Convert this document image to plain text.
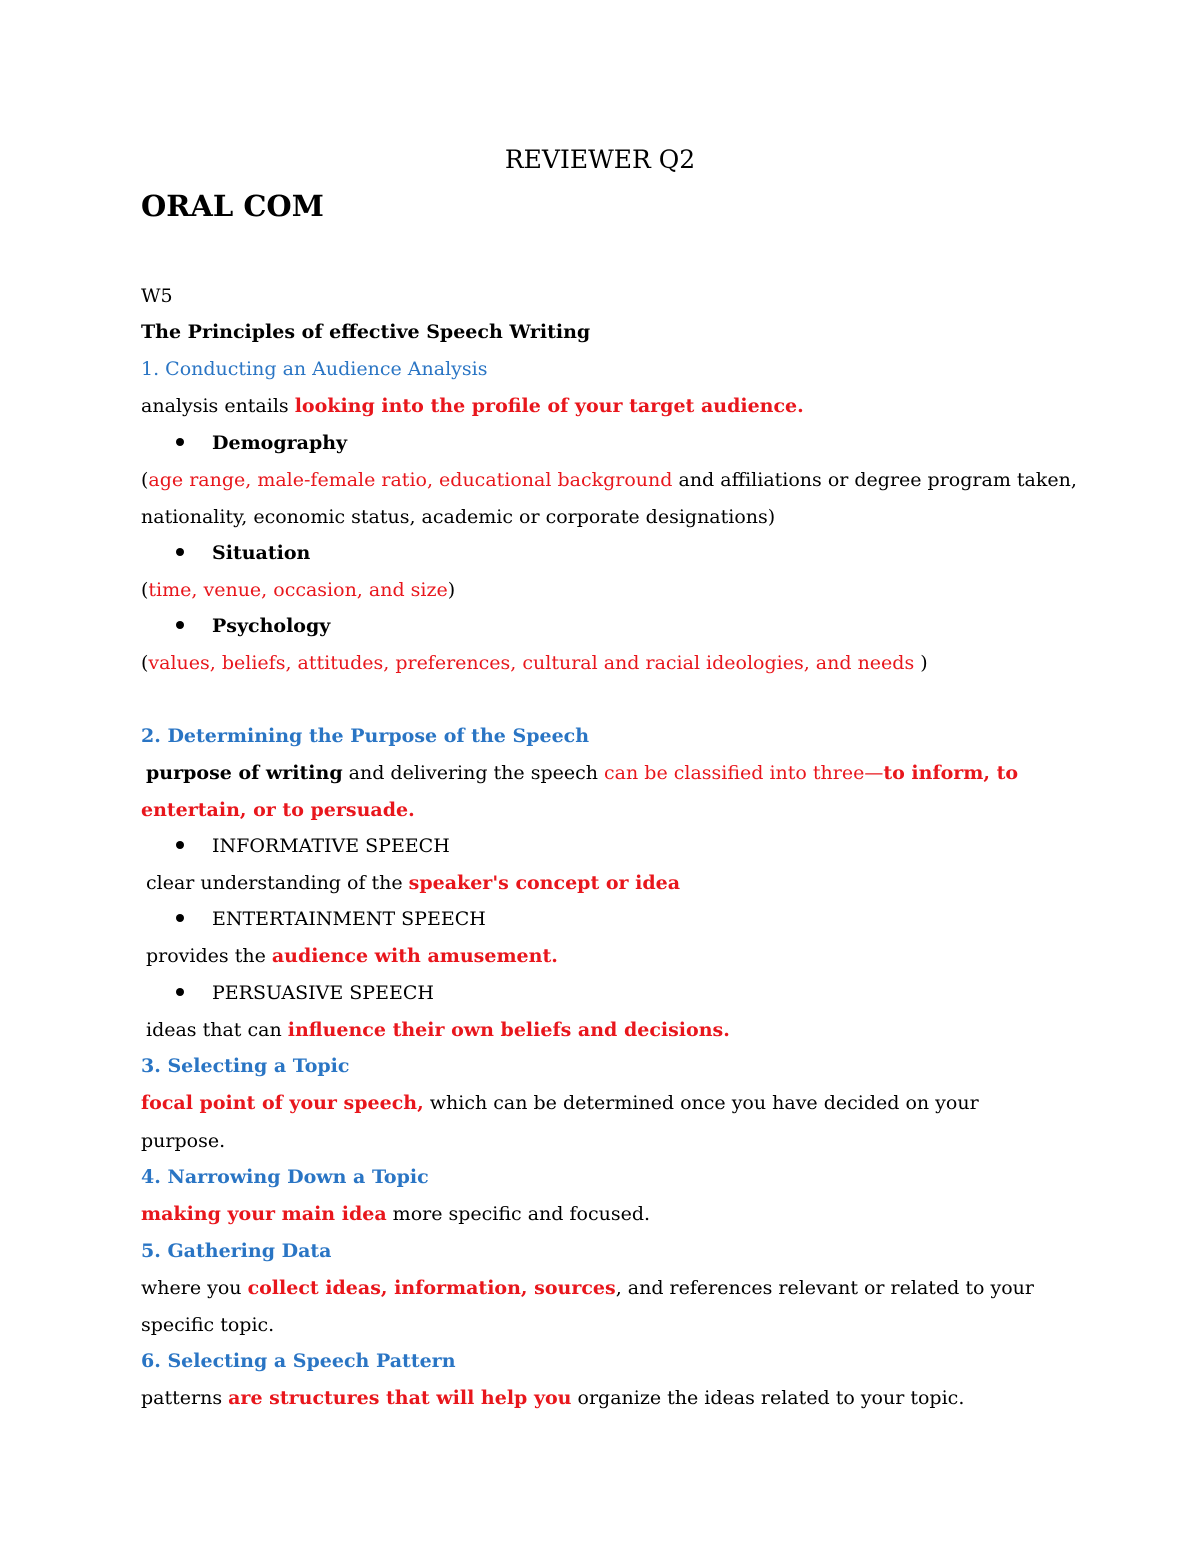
REVIEWER Q2
ORAL COM
W5
The Principles of effective Speech Writing
1. Conducting an Audience Analysis
analysis entails looking into the profile of your target audience.
Demography
(age range, male-female ratio, educational background and affiliations or degree program taken,
nationality, economic status, academic or corporate designations)
Situation
(time, venue, occasion, and size)
Psychology
(values, beliefs, attitudes, preferences, cultural and racial ideologies, and needs )
2. Determining the Purpose of the Speech
purpose of writing and delivering the speech can be classified into three—to inform, to
entertain, or to persuade.
INFORMATIVE SPEECH
clear understanding of the speaker's concept or idea
ENTERTAINMENT SPEECH
provides the audience with amusement.
PERSUASIVE SPEECH
ideas that can influence their own beliefs and decisions.
3. Selecting a Topic
focal point of your speech, which can be determined once you have decided on your
purpose.
4. Narrowing Down a Topic
making your main idea more specific and focused.
5. Gathering Data
where you collect ideas, information, sources, and references relevant or related to your
specific topic.
6. Selecting a Speech Pattern
patterns are structures that will help you organize the ideas related to your topic.
